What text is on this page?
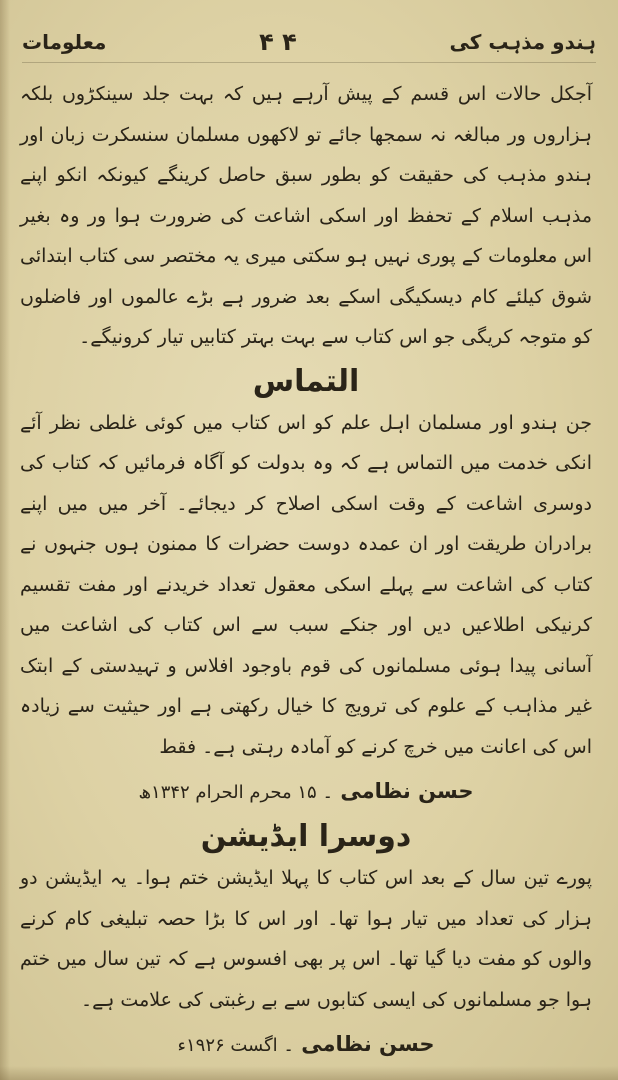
ہندو مذہب کی
۴ ۴
معلومات

آجکل حالات اس قسم کے پیش آرہے ہیں کہ بہت جلد سینکڑوں بلکہ ہزاروں ور مبالغہ نہ سمجھا جائے تو لاکھوں مسلمان سنسکرت زبان اور ہندو مذہب کی حقیقت کو بطور سبق حاصل کرینگے کیونکہ انکو اپنے مذہب اسلام کے تحفظ اور اسکی اشاعت کی ضرورت ہوا ور وہ بغیر اس معلومات کے پوری نہیں ہو سکتی میری یہ مختصر سی کتاب ابتدائی شوق کیلئے کام دیسکیگی اسکے بعد ضرور ہے بڑے عالموں اور فاضلوں کو متوجہ کریگی جو اس کتاب سے بہت بہتر کتابیں تیار کرونیگے۔

التماس

جن ہندو اور مسلمان اہل علم کو اس کتاب میں کوئی غلطی نظر آئے انکی خدمت میں التماس ہے کہ وہ بدولت کو آگاہ فرمائیں کہ کتاب کی دوسری اشاعت کے وقت اسکی اصلاح کر دیجائے۔ آخر میں میں اپنے برادران طریقت اور ان عمدہ دوست حضرات کا ممنون ہوں جنہوں نے کتاب کی اشاعت سے پہلے اسکی معقول تعداد خریدنے اور مفت تقسیم کرنیکی اطلاعیں دیں اور جنکے سبب سے اس کتاب کی اشاعت میں آسانی پیدا ہوئی مسلمانوں کی قوم باوجود افلاس و تہیدستی کے ابتک غیر مذاہب کے علوم کی ترویج کا خیال رکھتی ہے اور حیثیت سے زیادہ اس کی اعانت میں خرچ کرنے کو آمادہ رہتی ہے۔ فقط

حسن نظامی ۔ ۱۵ محرم الحرام ۱۳۴۲ھ
دوسرا ایڈیشن

پورے تین سال کے بعد اس کتاب کا پہلا ایڈیشن ختم ہوا۔ یہ ایڈیشن دو ہزار کی تعداد میں تیار ہوا تھا۔ اور اس کا بڑا حصہ تبلیغی کام کرنے والوں کو مفت دیا گیا تھا۔ اس پر بھی افسوس ہے کہ تین سال میں ختم ہوا جو مسلمانوں کی ایسی کتابوں سے بے رغبتی کی علامت ہے۔

حسن نظامی ۔ اگست ۱۹۲۶ء
